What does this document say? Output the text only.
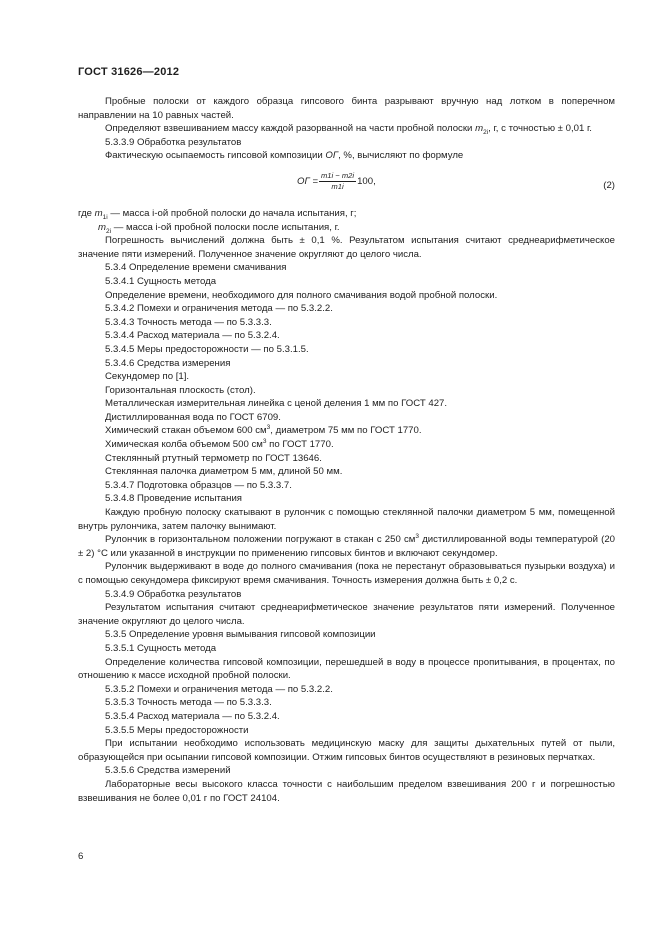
ГОСТ 31626—2012

Пробные полоски от каждого образца гипсового бинта разрывают вручную над лотком в поперечном направлении на 10 равных частей.

Определяют взвешиванием массу каждой разорванной на части пробной полоски $m_{2i}$, г, с точностью ± 0,01 г.

5.3.3.9 Обработка результатов

Фактическую осыпаемость гипсовой композиции ОГ, %, вычисляют по формуле

ОГ = $\frac{m1i - m2i}{m1i} 100$,	(2)

где $m_{1i}$ — масса i-ой пробной полоски до начала испытания, г;

$m_{2i}$ — масса i-ой пробной полоски после испытания, г.

Погрешность вычислений должна быть ± 0,1 %. Результатом испытания считают среднеарифметическое значение пяти измерений. Полученное значение округляют до целого числа.

5.3.4 Определение времени смачивания

5.3.4.1 Сущность метода

Определение времени, необходимого для полного смачивания водой пробной полоски.

5.3.4.2 Помехи и ограничения метода — по 5.3.2.2.

5.3.4.3 Точность метода — по 5.3.3.3.

5.3.4.4 Расход материала — по 5.3.2.4.

5.3.4.5 Меры предосторожности — по 5.3.1.5.

5.3.4.6 Средства измерения

Секундомер по [1].

Горизонтальная плоскость (стол).

Металлическая измерительная линейка с ценой деления 1 мм по ГОСТ 427.

Дистиллированная вода по ГОСТ 6709.

Химический стакан объемом 600 $см^3$, диаметром 75 мм по ГОСТ 1770.

Химическая колба объемом 500 $см^3$ по ГОСТ 1770.

Стеклянный ртутный термометр по ГОСТ 13646.

Стеклянная палочка диаметром 5 мм, длиной 50 мм.

5.3.4.7 Подготовка образцов — по 5.3.3.7.

5.3.4.8 Проведение испытания

Каждую пробную полоску скатывают в рулончик с помощью стеклянной палочки диаметром 5 мм, помещенной внутрь рулончика, затем палочку вынимают.

Рулончик в горизонтальном положении погружают в стакан с 250 $см^3$ дистиллированной воды температурой (20 ± 2) °С или указанной в инструкции по применению гипсовых бинтов и включают секундомер.

Рулончик выдерживают в воде до полного смачивания (пока не перестанут образовываться пузырьки воздуха) и с помощью секундомера фиксируют время смачивания. Точность измерения должна быть ± 0,2 с.

5.3.4.9 Обработка результатов

Результатом испытания считают среднеарифметическое значение результатов пяти измерений. Полученное значение округляют до целого числа.

5.3.5 Определение уровня вымывания гипсовой композиции

5.3.5.1 Сущность метода

Определение количества гипсовой композиции, перешедшей в воду в процессе пропитывания, в процентах, по отношению к массе исходной пробной полоски.

5.3.5.2 Помехи и ограничения метода — по 5.3.2.2.

5.3.5.3 Точность метода — по 5.3.3.3.

5.3.5.4 Расход материала — по 5.3.2.4.

5.3.5.5 Меры предосторожности

При испытании необходимо использовать медицинскую маску для защиты дыхательных путей от пыли, образующейся при осыпании гипсовой композиции. Отжим гипсовых бинтов осуществляют в резиновых перчатках.

5.3.5.6 Средства измерений

Лабораторные весы высокого класса точности с наибольшим пределом взвешивания 200 г и погрешностью взвешивания не более 0,01 г по ГОСТ 24104.

6
